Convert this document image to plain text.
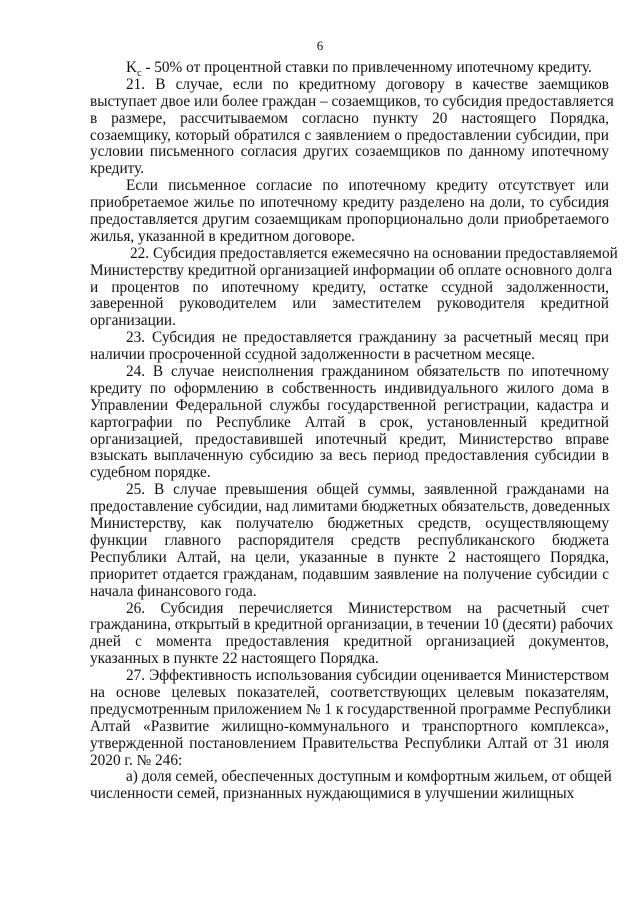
6
$K_c - 50\%$ от процентной ставки по привлеченному ипотечному кредиту.
21. В случае, если по кредитному договору в качестве заемщиков
выступает двое или более граждан – созаемщиков, то субсидия предоставляется
в размере, рассчитываемом согласно пункту 20 настоящего Порядка,
созаемщику, который обратился с заявлением о предоставлении субсидии, при
условии письменного согласия других созаемщиков по данному ипотечному
кредиту.
Если письменное согласие по ипотечному кредиту отсутствует или
приобретаемое жилье по ипотечному кредиту разделено на доли, то субсидия
предоставляется другим созаемщикам пропорционально доли приобретаемого
жилья, указанной в кредитном договоре.
22. Субсидия предоставляется ежемесячно на основании предоставляемой
Министерству кредитной организацией информации об оплате основного долга
и процентов по ипотечному кредиту, остатке ссудной задолженности,
заверенной руководителем или заместителем руководителя кредитной
организации.
23. Субсидия не предоставляется гражданину за расчетный месяц при
наличии просроченной ссудной задолженности в расчетном месяце.
24. В случае неисполнения гражданином обязательств по ипотечному
кредиту по оформлению в собственность индивидуального жилого дома в
Управлении Федеральной службы государственной регистрации, кадастра и
картографии по Республике Алтай в срок, установленный кредитной
организацией, предоставившей ипотечный кредит, Министерство вправе
взыскать выплаченную субсидию за весь период предоставления субсидии в
судебном порядке.
25. В случае превышения общей суммы, заявленной гражданами на
предоставление субсидии, над лимитами бюджетных обязательств, доведенных
Министерству, как получателю бюджетных средств, осуществляющему
функции главного распорядителя средств республиканского бюджета
Республики Алтай, на цели, указанные в пункте 2 настоящего Порядка,
приоритет отдается гражданам, подавшим заявление на получение субсидии с
начала финансового года.
26. Субсидия перечисляется Министерством на расчетный счет
гражданина, открытый в кредитной организации, в течении 10 (десяти) рабочих
дней с момента предоставления кредитной организацией документов,
указанных в пункте 22 настоящего Порядка.
27. Эффективность использования субсидии оценивается Министерством
на основе целевых показателей, соответствующих целевым показателям,
предусмотренным приложением № 1 к государственной программе Республики
Алтай «Развитие жилищно-коммунального и транспортного комплекса»,
утвержденной постановлением Правительства Республики Алтай от 31 июля
2020 г. № 246:
а) доля семей, обеспеченных доступным и комфортным жильем, от общей
численности семей, признанных нуждающимися в улучшении жилищных
